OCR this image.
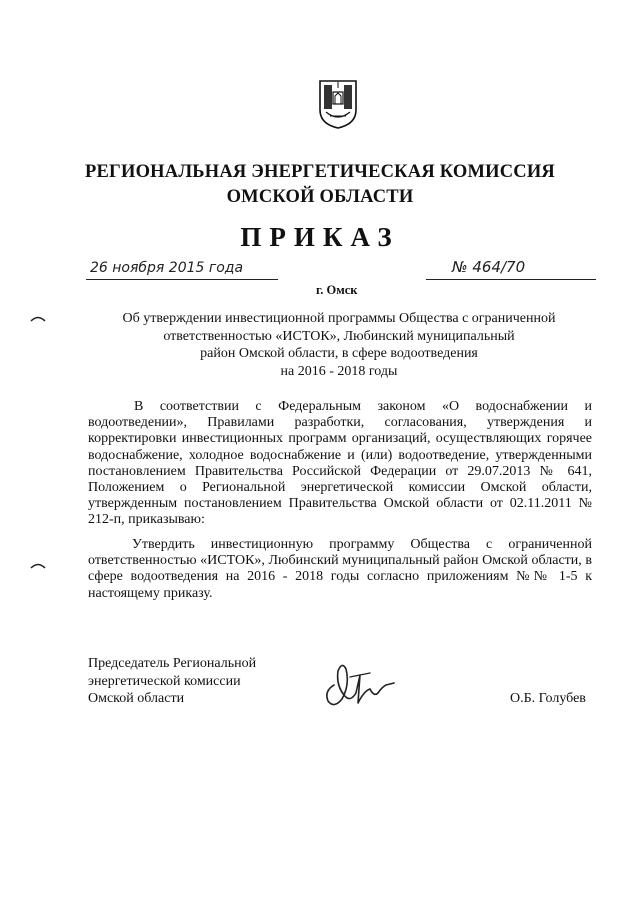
РЕГИОНАЛЬНАЯ ЭНЕРГЕТИЧЕСКАЯ КОМИССИЯ
ОМСКОЙ ОБЛАСТИ
ПРИКАЗ
26 ноября 2015 года
г. Омск
№ 464/70
Об утверждении инвестиционной программы Общества с ограниченной
ответственностью «ИСТОК», Любинский муниципальный
район Омской области, в сфере водоотведения
на 2016 - 2018 годы

В соответствии с Федеральным законом «О водоснабжении и водоотведении», Правилами разработки, согласования, утверждения и корректировки инвестиционных программ организаций, осуществляющих горячее водоснабжение, холодное водоснабжение и (или) водоотведение, утвержденными постановлением Правительства Российской Федерации от 29.07.2013 № 641, Положением о Региональной энергетической комиссии Омской области, утвержденным постановлением Правительства Омской области от 02.11.2011 № 212-п, приказываю:

Утвердить инвестиционную программу Общества с ограниченной ответственностью «ИСТОК», Любинский муниципальный район Омской области, в сфере водоотведения на 2016 - 2018 годы согласно приложениям №№ 1-5 к настоящему приказу.

Председатель Региональной
энергетической комиссии
Омской области	О.Б. Голубев
